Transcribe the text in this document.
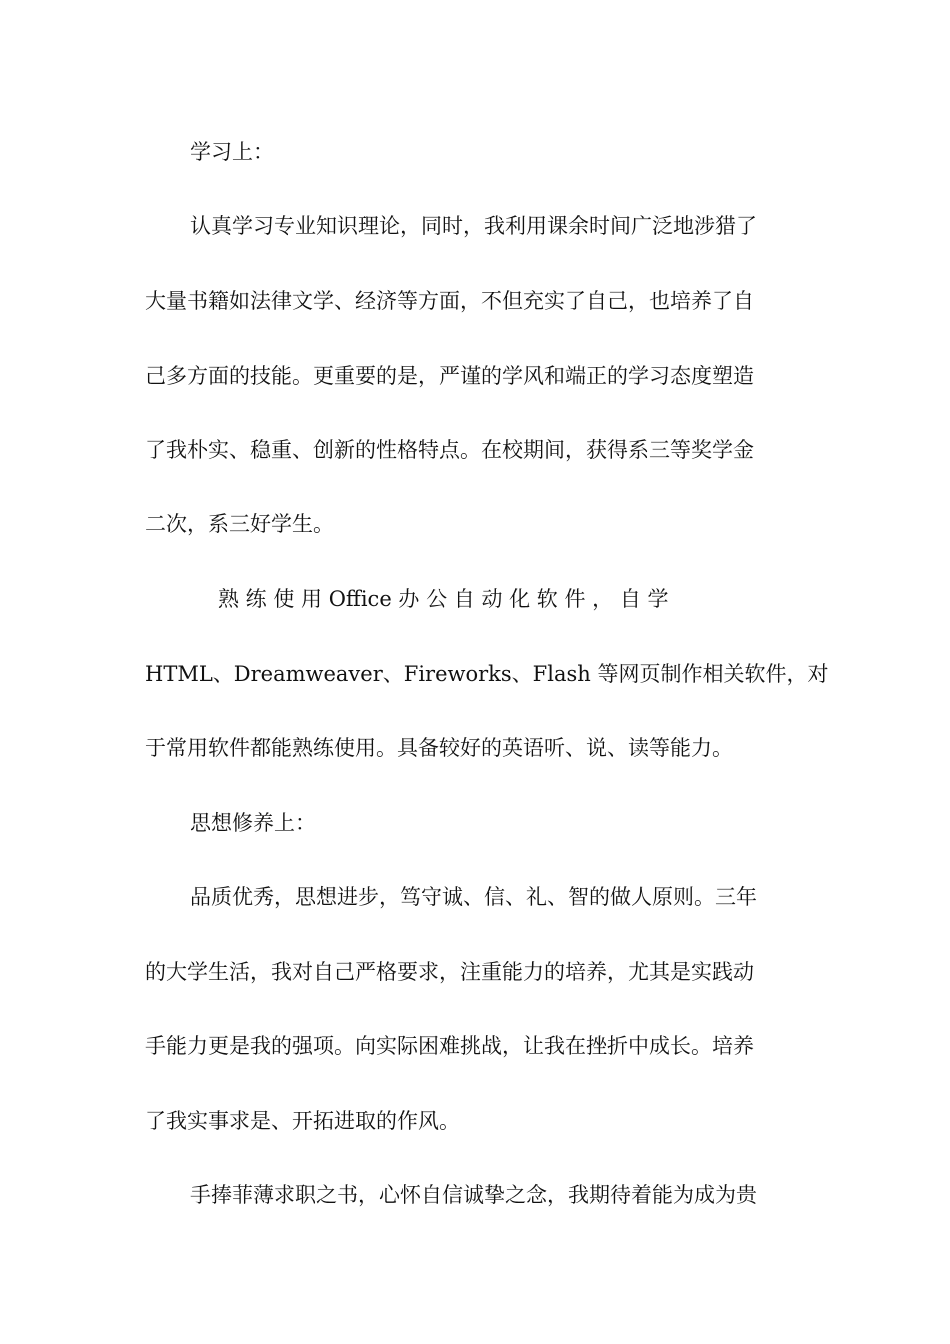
学习上：

认真学习专业知识理论，同时，我利用课余时间广泛地涉猎了

大量书籍如法律文学、经济等方面，不但充实了自己，也培养了自

己多方面的技能。更重要的是，严谨的学风和端正的学习态度塑造

了我朴实、稳重、创新的性格特点。在校期间，获得系三等奖学金

二次，系三好学生。

熟 练 使 用 Office 办 公 自 动 化 软 件 ， 自 学

HTML、Dreamweaver、Fireworks、Flash 等网页制作相关软件，对

于常用软件都能熟练使用。具备较好的英语听、说、读等能力。

思想修养上：

品质优秀，思想进步，笃守诚、信、礼、智的做人原则。三年

的大学生活，我对自己严格要求，注重能力的培养，尤其是实践动

手能力更是我的强项。向实际困难挑战，让我在挫折中成长。培养

了我实事求是、开拓进取的作风。

手捧菲薄求职之书，心怀自信诚挚之念，我期待着能为成为贵
